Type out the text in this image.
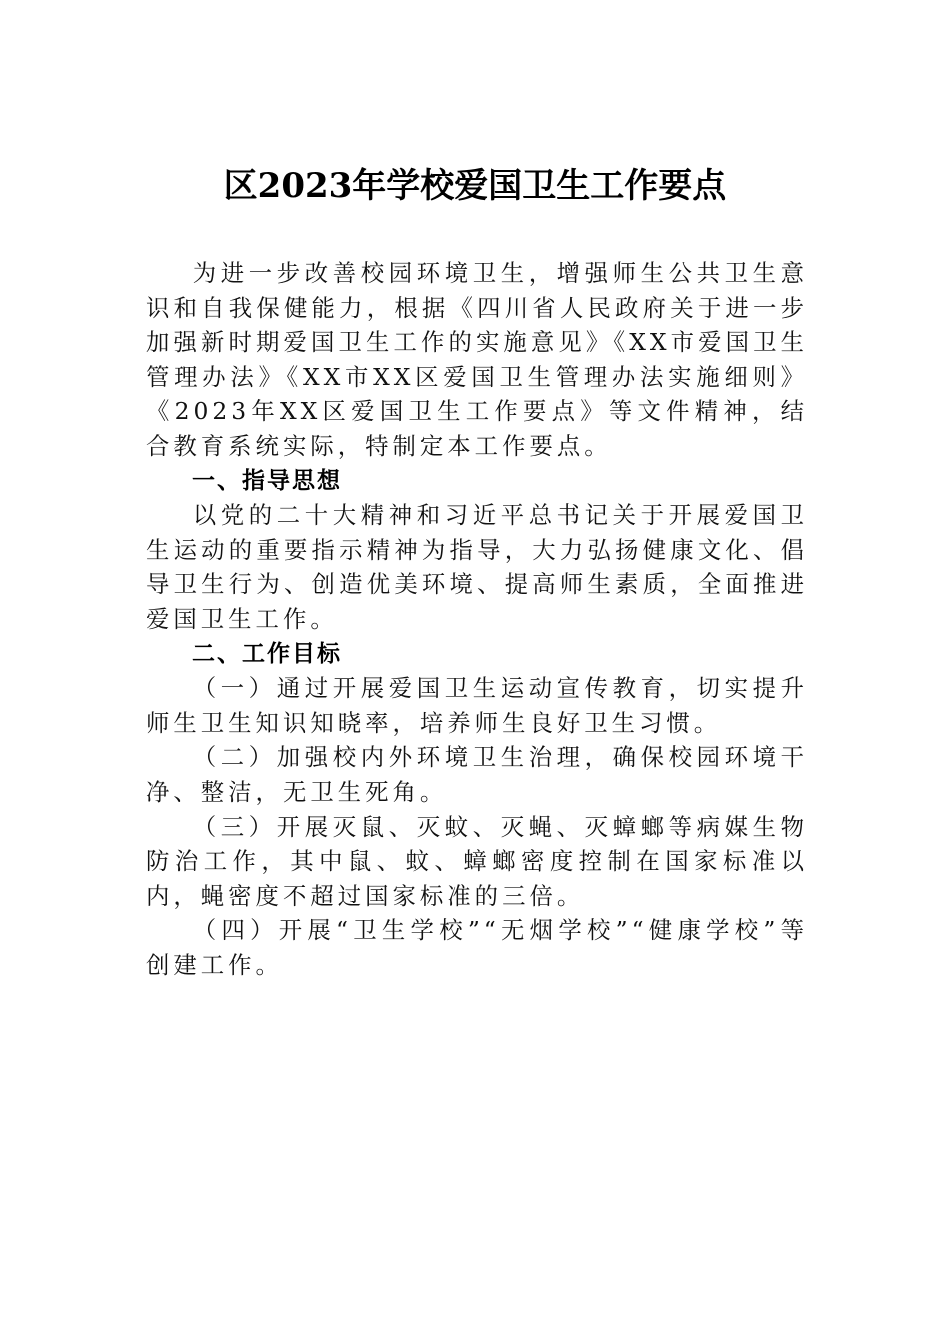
区2023年学校爱国卫生工作要点

为进一步改善校园环境卫生，增强师生公共卫生意识和自我保健能力，根据《四川省人民政府关于进一步加强新时期爱国卫生工作的实施意见》《XX市爱国卫生管理办法》《XX市XX区爱国卫生管理办法实施细则》《2023年XX区爱国卫生工作要点》等文件精神，结合教育系统实际，特制定本工作要点。

一、指导思想

以党的二十大精神和习近平总书记关于开展爱国卫生运动的重要指示精神为指导，大力弘扬健康文化、倡导卫生行为、创造优美环境、提高师生素质，全面推进爱国卫生工作。

二、工作目标

（一）通过开展爱国卫生运动宣传教育，切实提升师生卫生知识知晓率，培养师生良好卫生习惯。

（二）加强校内外环境卫生治理，确保校园环境干净、整洁，无卫生死角。

（三）开展灭鼠、灭蚊、灭蝇、灭蟑螂等病媒生物防治工作，其中鼠、蚊、蟑螂密度控制在国家标准以内，蝇密度不超过国家标准的三倍。

（四）开展“卫生学校”“无烟学校”“健康学校”等创建工作。
